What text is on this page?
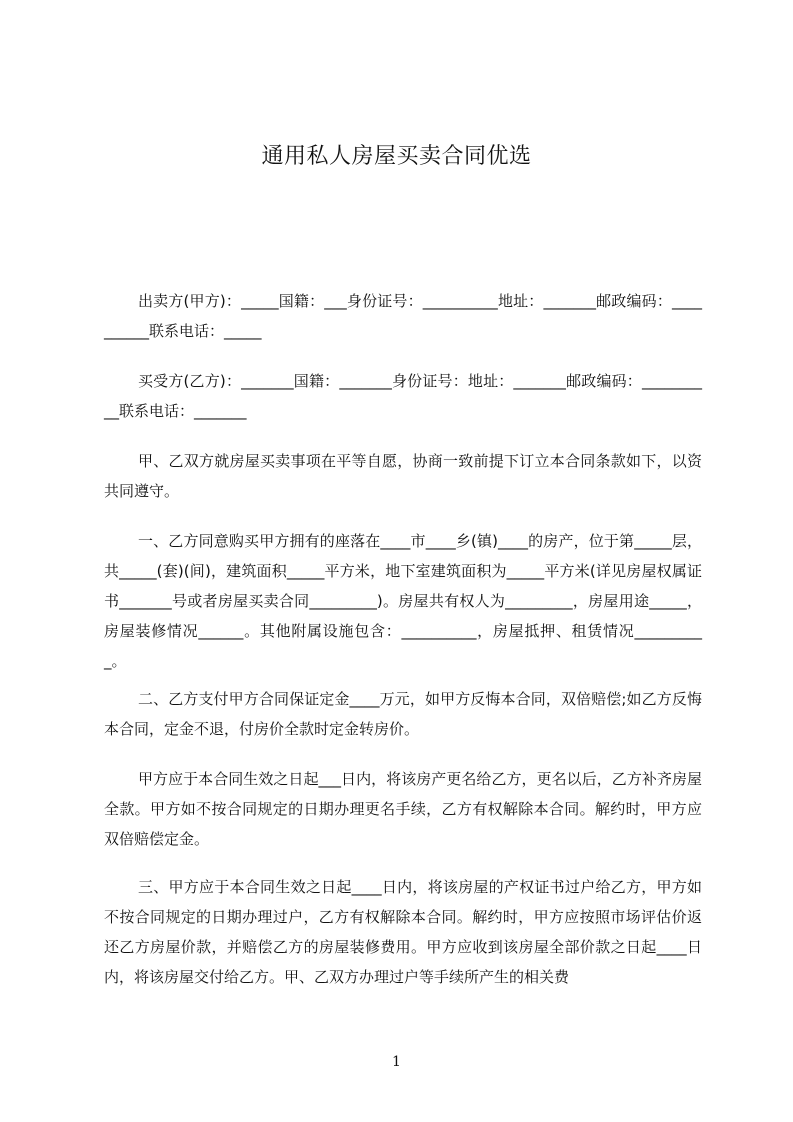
通用私人房屋买卖合同优选

出卖方(甲方)：_____国籍：___身份证号：__________地址：_______邮政编码：__________联系电话：_____

买受方(乙方)：_______国籍：_______身份证号：地址：_______邮政编码：__________联系电话：_______

甲、乙双方就房屋买卖事项在平等自愿，协商一致前提下订立本合同条款如下，以资共同遵守。

一、乙方同意购买甲方拥有的座落在____市____乡(镇)____的房产，位于第_____层，共_____(套)(间)，建筑面积_____平方米，地下室建筑面积为_____平方米(详见房屋权属证书_______号或者房屋买卖合同_________)。房屋共有权人为_________，房屋用途_____，房屋装修情况______。其他附属设施包含：__________，房屋抵押、租赁情况__________。

二、乙方支付甲方合同保证定金____万元，如甲方反悔本合同，双倍赔偿;如乙方反悔本合同，定金不退，付房价全款时定金转房价。

甲方应于本合同生效之日起___日内，将该房产更名给乙方，更名以后，乙方补齐房屋全款。甲方如不按合同规定的日期办理更名手续，乙方有权解除本合同。解约时，甲方应双倍赔偿定金。

三、甲方应于本合同生效之日起____日内，将该房屋的产权证书过户给乙方，甲方如不按合同规定的日期办理过户，乙方有权解除本合同。解约时，甲方应按照市场评估价返还乙方房屋价款，并赔偿乙方的房屋装修费用。甲方应收到该房屋全部价款之日起____日内，将该房屋交付给乙方。甲、乙双方办理过户等手续所产生的相关费

1
